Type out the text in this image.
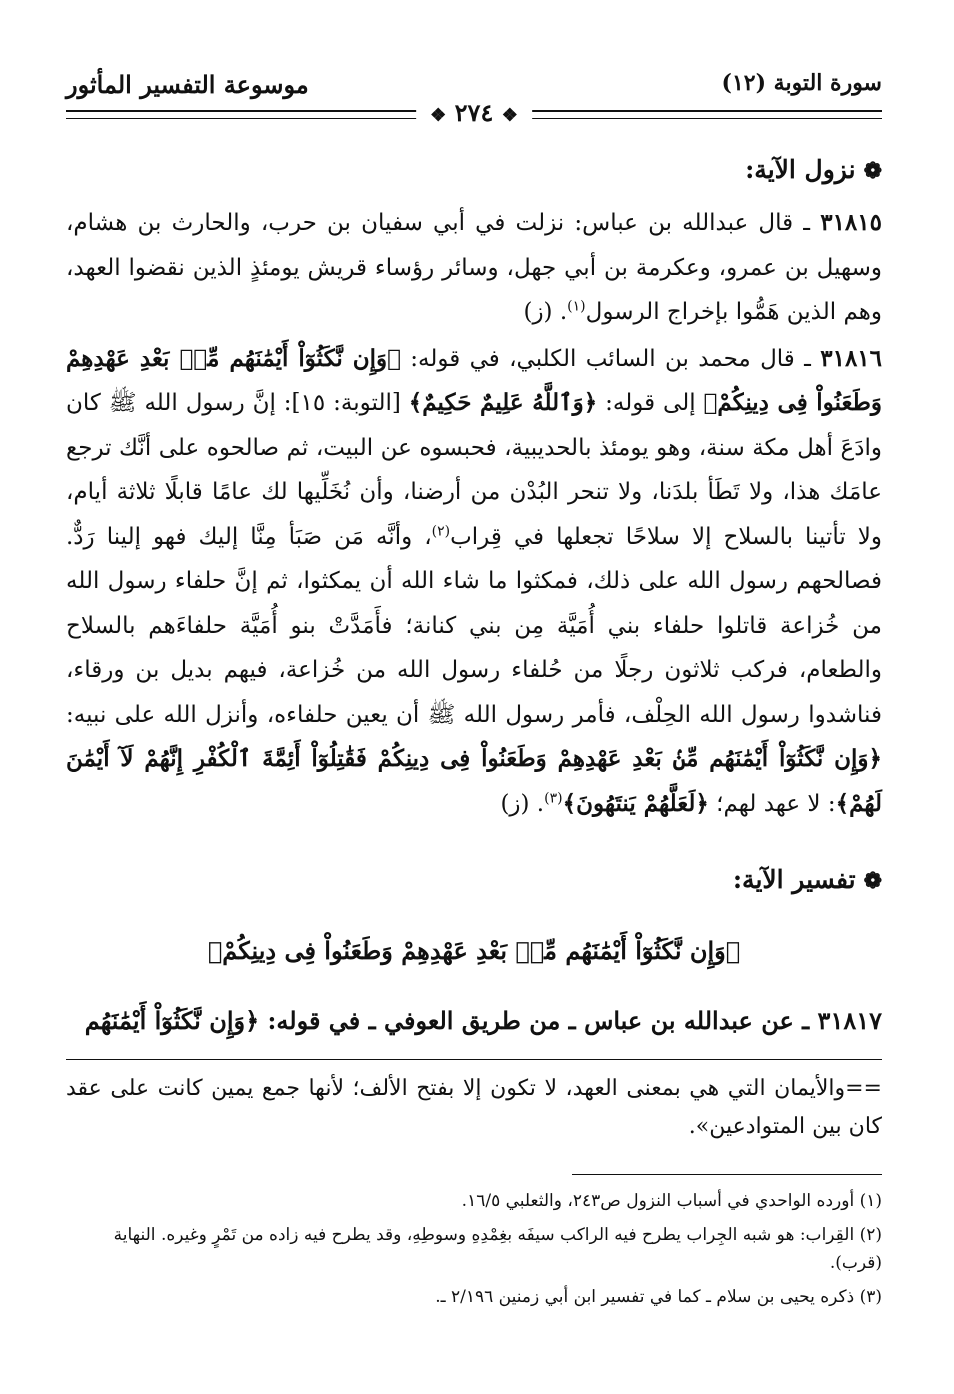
سورة التوبة (١٢)
موسوعة التفسير المأثور
❖ ٢٧٤ ❖
❁نزول الآية:

٣١٨١٥ ـ قال عبدالله بن عباس: نزلت في أبي سفيان بن حرب، والحارث بن هشام، وسهيل بن عمرو، وعكرمة بن أبي جهل، وسائر رؤساء قريش يومئذٍ الذين نقضوا العهد، وهم الذين هَمُّوا بإخراج الرسول$^{(١)}$. (ز)

٣١٨١٦ ـ قال محمد بن السائب الكلبي، في قوله: ﴿وَإِن نَّكَثُوٓاْ أَيْمَٰنَهُم مِّنۢ بَعْدِ عَهْدِهِمْ وَطَعَنُواْ فِى دِينِكُمْ﴾ إلى قوله: ﴿وَٱللَّهُ عَلِيمٌ حَكِيمٌ﴾ [التوبة: ١٥]: إنَّ رسول الله ﷺ كان وادَعَ أهل مكة سنة، وهو يومئذ بالحديبية، فحبسوه عن البيت، ثم صالحوه على أنَّك ترجع عامَك هذا، ولا تَطَأ بلدَنا، ولا تنحر البُدْن من أرضنا، وأن نُخَلِّيها لك عامًا قابلًا ثلاثة أيام، ولا تأتينا بالسلاح إلا سلاحًا تجعلها في قِراب$^{(٢)}$، وأنَّه مَن صَبَأ مِنَّا إليك فهو إلينا رَدٌّ. فصالحهم رسول الله على ذلك، فمكثوا ما شاء الله أن يمكثوا، ثم إنَّ حلفاء رسول الله من خُزاعة قاتلوا حلفاء بني أُمَيَّة مِن بني كنانة؛ فأَمَدَّتْ بنو أُمَيَّة حلفاءَهم بالسلاح والطعام، فركب ثلاثون رجلًا من حُلفاء رسول الله من خُزاعة، فيهم بديل بن ورقاء، فناشدوا رسول الله الحِلْف، فأمر رسول الله ﷺ أن يعين حلفاءه، وأنزل الله على نبيه: ﴿وَإِن نَّكَثُوٓاْ أَيْمَٰنَهُم مِّنۢ بَعْدِ عَهْدِهِمْ وَطَعَنُواْ فِى دِينِكُمْ فَقَٰتِلُوٓاْ أَئِمَّةَ ٱلْكُفْرِ إِنَّهُمْ لَآ أَيْمَٰنَ لَهُمْ﴾: لا عهد لهم؛ ﴿لَعَلَّهُمْ يَنتَهُونَ﴾$^{(٣)}$. (ز)

❁تفسير الآية:
﴿وَإِن نَّكَثُوٓاْ أَيْمَٰنَهُم مِّنۢ بَعْدِ عَهْدِهِمْ وَطَعَنُواْ فِى دِينِكُمْ﴾

٣١٨١٧ ـ عن عبدالله بن عباس ـ من طريق العوفي ـ في قوله: ﴿وَإِن نَّكَثُوٓاْ أَيْمَٰنَهُم

==والأيمان التي هي بمعنى العهد، لا تكون إلا بفتح الألف؛ لأنها جمع يمين كانت على عقد كان بين المتوادعين».

(١) أورده الواحدي في أسباب النزول ص٢٤٣، والثعلبي ١٦/٥.

(٢) القِراب: هو شبه الجِراب يطرح فيه الراكب سيفَه بغِمْدِهِ وسوطِهِ، وقد يطرح فيه زاده من تَمْرٍ وغيره. النهاية (قرب).

(٣) ذكره يحيى بن سلام ـ كما في تفسير ابن أبي زمنين ٢/١٩٦ ـ.
